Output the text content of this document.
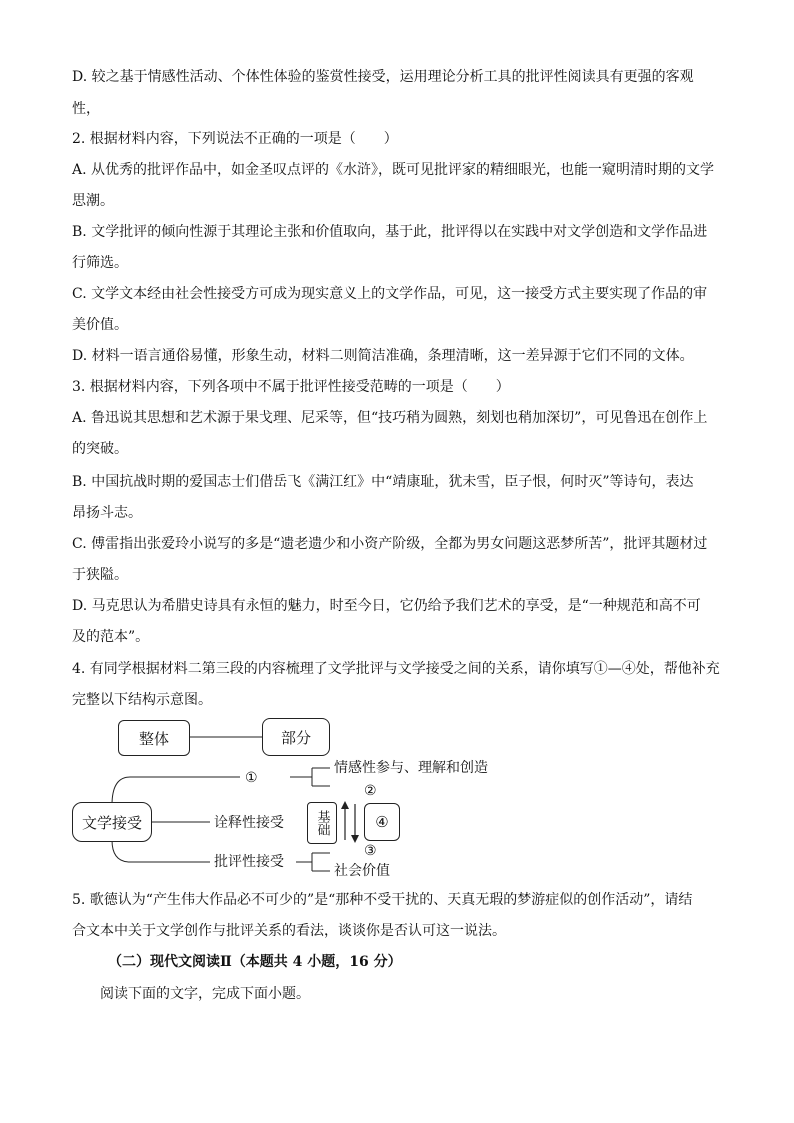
D. 较之基于情感性活动、个体性体验的鉴赏性接受，运用理论分析工具的批评性阅读具有更强的客观
性，
2. 根据材料内容，下列说法不正确的一项是（　　）
A. 从优秀的批评作品中，如金圣叹点评的《水浒》，既可见批评家的精细眼光，也能一窥明清时期的文学
思潮。
B. 文学批评的倾向性源于其理论主张和价值取向，基于此，批评得以在实践中对文学创造和文学作品进
行筛选。
C. 文学文本经由社会性接受方可成为现实意义上的文学作品，可见，这一接受方式主要实现了作品的审
美价值。
D. 材料一语言通俗易懂，形象生动，材料二则简洁准确，条理清晰，这一差异源于它们不同的文体。
3. 根据材料内容，下列各项中不属于批评性接受范畴的一项是（　　）
A. 鲁迅说其思想和艺术源于果戈理、尼采等，但“技巧稍为圆熟，刻划也稍加深切”，可见鲁迅在创作上
的突破。
B. 中国抗战时期的爱国志士们借岳飞《满江红》中“靖康耻，犹未雪，臣子恨，何时灭”等诗句，表达
昂扬斗志。
C. 傅雷指出张爱玲小说写的多是“遗老遗少和小资产阶级，全都为男女问题这恶梦所苦”，批评其题材过
于狭隘。
D. 马克思认为希腊史诗具有永恒的魅力，时至今日，它仍给予我们艺术的享受，是“一种规范和高不可
及的范本”。
4. 有同学根据材料二第三段的内容梳理了文学批评与文学接受之间的关系，请你填写①—④处，帮他补充
完整以下结构示意图。
整体	部分
文学接受	基础	④
①
情感性参与、理解和创造
②
诠释性接受
③
批评性接受
社会价值
5. 歌德认为“产生伟大作品必不可少的”是“那种不受干扰的、天真无瑕的梦游症似的创作活动”，请结
合文本中关于文学创作与批评关系的看法，谈谈你是否认可这一说法。
（二）现代文阅读Ⅱ（本题共 4 小题，16 分）
阅读下面的文字，完成下面小题。
